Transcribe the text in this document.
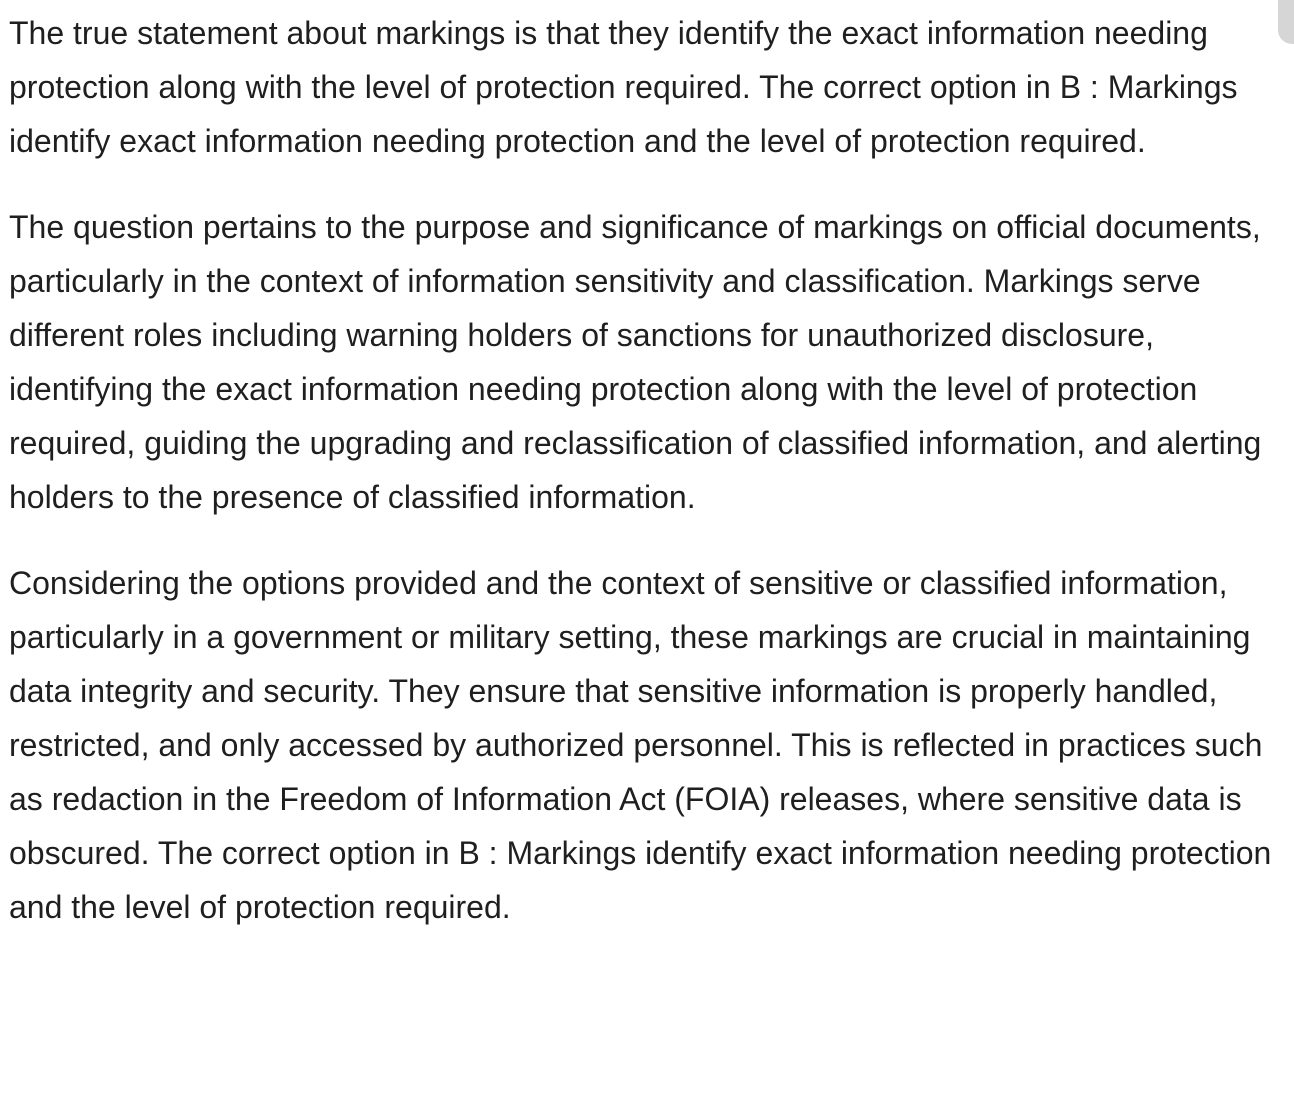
The true statement about markings is that they identify the exact information needing protection along with the level of protection required. The correct option in B : Markings identify exact information needing protection and the level of protection required.

The question pertains to the purpose and significance of markings on official documents, particularly in the context of information sensitivity and classification. Markings serve different roles including warning holders of sanctions for unauthorized disclosure, identifying the exact information needing protection along with the level of protection required, guiding the upgrading and reclassification of classified information, and alerting holders to the presence of classified information.

Considering the options provided and the context of sensitive or classified information, particularly in a government or military setting, these markings are crucial in maintaining data integrity and security. They ensure that sensitive information is properly handled, restricted, and only accessed by authorized personnel. This is reflected in practices such as redaction in the Freedom of Information Act (FOIA) releases, where sensitive data is obscured. The correct option in B : Markings identify exact information needing protection and the level of protection required.
